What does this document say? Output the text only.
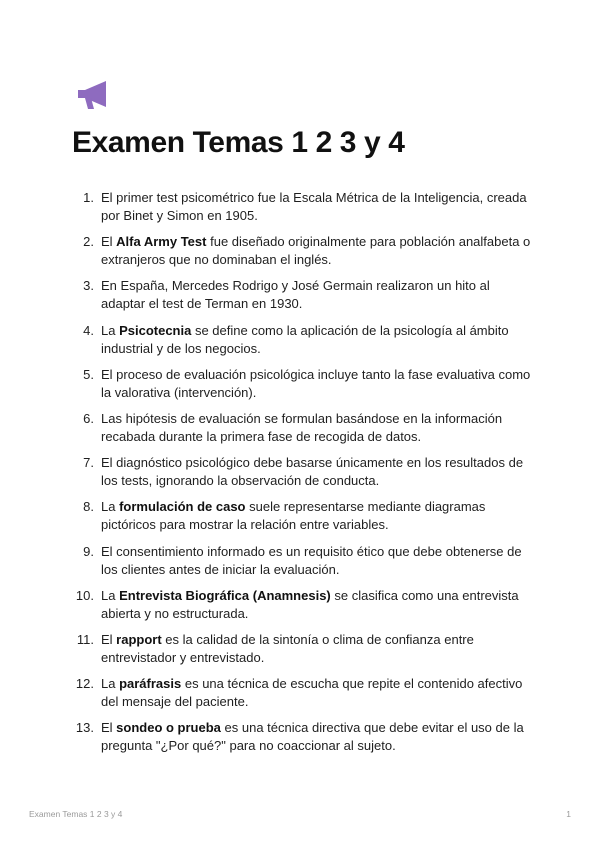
Examen Temas 1 2 3 y 4
1. El primer test psicométrico fue la Escala Métrica de la Inteligencia, creada por Binet y Simon en 1905.
2. El Alfa Army Test fue diseñado originalmente para población analfabeta o extranjeros que no dominaban el inglés.
3. En España, Mercedes Rodrigo y José Germain realizaron un hito al adaptar el test de Terman en 1930.
4. La Psicotecnia se define como la aplicación de la psicología al ámbito industrial y de los negocios.
5. El proceso de evaluación psicológica incluye tanto la fase evaluativa como la valorativa (intervención).
6. Las hipótesis de evaluación se formulan basándose en la información recabada durante la primera fase de recogida de datos.
7. El diagnóstico psicológico debe basarse únicamente en los resultados de los tests, ignorando la observación de conducta.
8. La formulación de caso suele representarse mediante diagramas pictóricos para mostrar la relación entre variables.
9. El consentimiento informado es un requisito ético que debe obtenerse de los clientes antes de iniciar la evaluación.
10. La Entrevista Biográfica (Anamnesis) se clasifica como una entrevista abierta y no estructurada.
11. El rapport es la calidad de la sintonía o clima de confianza entre entrevistador y entrevistado.
12. La paráfrasis es una técnica de escucha que repite el contenido afectivo del mensaje del paciente.
13. El sondeo o prueba es una técnica directiva que debe evitar el uso de la pregunta "¿Por qué?" para no coaccionar al sujeto.
Examen Temas 1 2 3 y 4	1
